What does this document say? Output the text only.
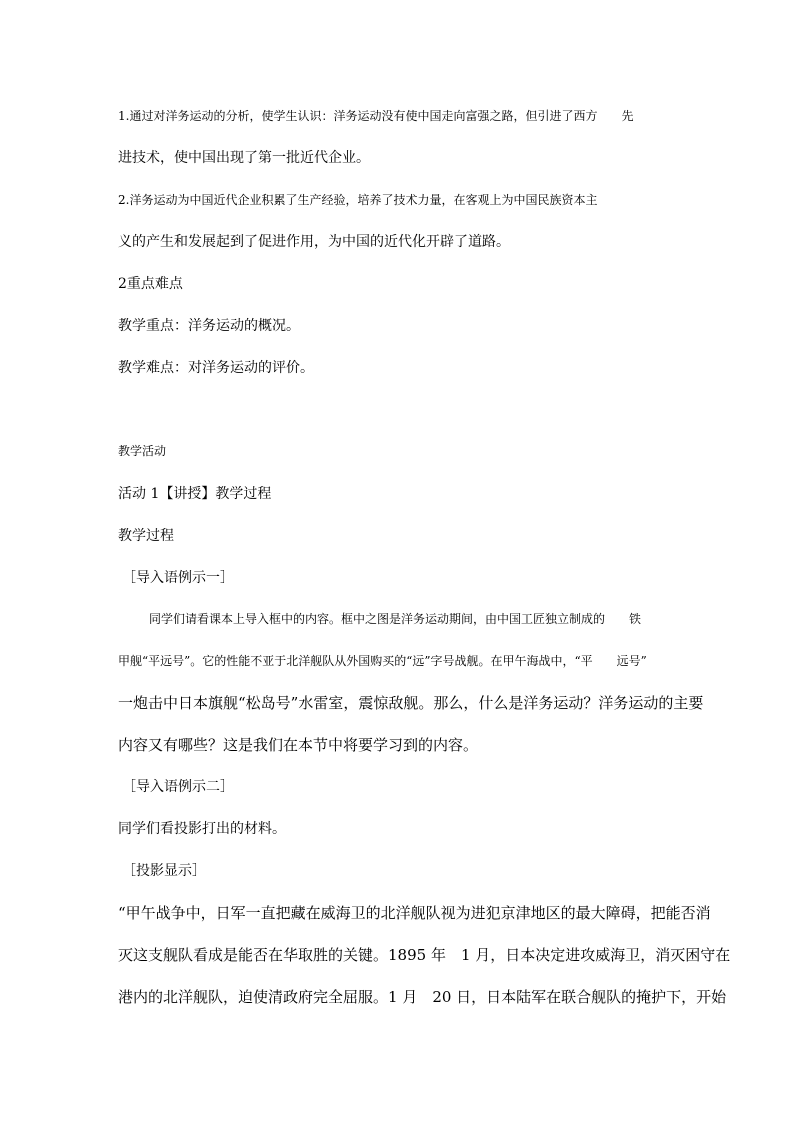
1.通过对洋务运动的分析，使学生认识：洋务运动没有使中国走向富强之路，但引进了西方　　先
进技术，使中国出现了第一批近代企业。
2.洋务运动为中国近代企业积累了生产经验，培养了技术力量，在客观上为中国民族资本主
义的产生和发展起到了促进作用，为中国的近代化开辟了道路。
2重点难点
教学重点：洋务运动的概况。
教学难点：对洋务运动的评价。
教学活动
活动 1【讲授】教学过程
教学过程
［导入语例示一］
同学们请看课本上导入框中的内容。框中之图是洋务运动期间，由中国工匠独立制成的　　铁
甲舰“平远号”。它的性能不亚于北洋舰队从外国购买的“远”字号战舰。在甲午海战中，“平　　远号”
一炮击中日本旗舰“松岛号”水雷室，震惊敌舰。那么，什么是洋务运动？洋务运动的主要
内容又有哪些？这是我们在本节中将要学习到的内容。
［导入语例示二］
同学们看投影打出的材料。
［投影显示］
“甲午战争中，日军一直把藏在威海卫的北洋舰队视为进犯京津地区的最大障碍，把能否消
灭这支舰队看成是能否在华取胜的关键。1895 年　1 月，日本决定进攻威海卫，消灭困守在
港内的北洋舰队，迫使清政府完全屈服。1 月　20 日，日本陆军在联合舰队的掩护下，开始
